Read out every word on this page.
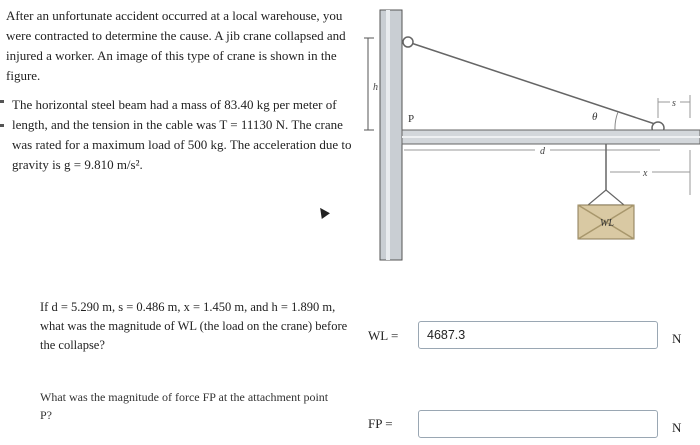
After an unfortunate accident occurred at a local warehouse, you were contracted to determine the cause. A jib crane collapsed and injured a worker. An image of this type of crane is shown in the figure.
The horizontal steel beam had a mass of 83.40 kg per meter of length, and the tension in the cable was T = 11130 N. The crane was rated for a maximum load of 500 kg. The acceleration due to gravity is g = 9.810 m/s².
h
P	θ
d
x
s
WL
If d = 5.290 m, s = 0.486 m, x = 1.450 m, and h = 1.890 m, what was the magnitude of WL (the load on the crane) before the collapse?
WL =	4687.3	N
What was the magnitude of force FP at the attachment point P?
FP =	N
